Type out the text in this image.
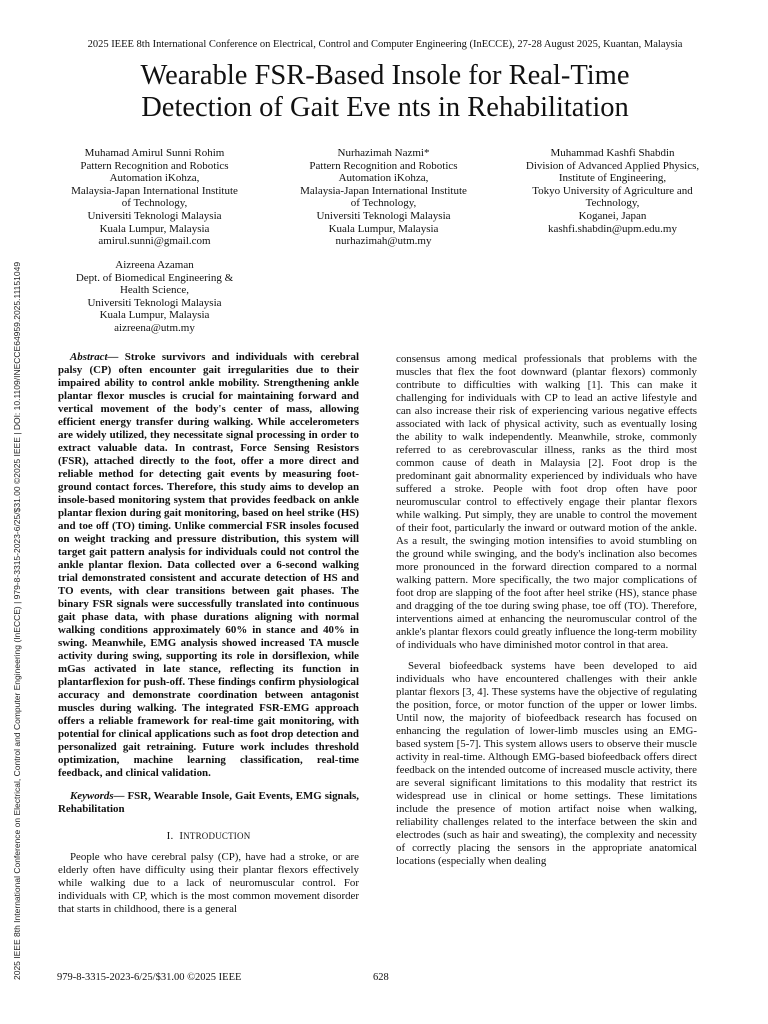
2025 IEEE 8th International Conference on Electrical, Control and Computer Engineering (InECCE), 27-28 August 2025, Kuantan, Malaysia
Wearable FSR-Based Insole for Real-Time
Detection of Gait Eve nts in Rehabilitation
Muhamad Amirul Sunni Rohim
Pattern Recognition and Robotics
Automation iKohza,
Malaysia-Japan International Institute
of Technology,
Universiti Teknologi Malaysia
Kuala Lumpur, Malaysia
amirul.sunni@gmail.com
Nurhazimah Nazmi*
Pattern Recognition and Robotics
Automation iKohza,
Malaysia-Japan International Institute
of Technology,
Universiti Teknologi Malaysia
Kuala Lumpur, Malaysia
nurhazimah@utm.my
Muhammad Kashfi Shabdin
Division of Advanced Applied Physics,
Institute of Engineering,
Tokyo University of Agriculture and
Technology,
Koganei, Japan
kashfi.shabdin@upm.edu.my
Aizreena Azaman
Dept. of Biomedical Engineering &
Health Science,
Universiti Teknologi Malaysia
Kuala Lumpur, Malaysia
aizreena@utm.my
2025 IEEE 8th International Conference on Electrical, Control and Computer Engineering (InECCE) | 979-8-3315-2023-6/25/$31.00 ©2025 IEEE | DOI: 10.1109/INECCE64959.2025.11151049	Abstract— Stroke survivors and individuals with cerebral palsy (CP) often encounter gait irregularities due to their impaired ability to control ankle mobility. Strengthening ankle plantar flexor muscles is crucial for maintaining forward and vertical movement of the body's center of mass, allowing efficient energy transfer during walking. While accelerometers are widely utilized, they necessitate signal processing in order to extract valuable data. In contrast, Force Sensing Resistors (FSR), attached directly to the foot, offer a more direct and reliable method for detecting gait events by measuring foot-ground contact forces. Therefore, this study aims to develop an insole-based monitoring system that provides feedback on ankle plantar flexion during gait monitoring, based on heel strike (HS) and toe off (TO) timing. Unlike commercial FSR insoles focused on weight tracking and pressure distribution, this system will target gait pattern analysis for individuals could not control the ankle plantar flexion. Data collected over a 6-second walking trial demonstrated consistent and accurate detection of HS and TO events, with clear transitions between gait phases. The binary FSR signals were successfully translated into continuous gait phase data, with phase durations aligning with normal walking conditions approximately 60% in stance and 40% in swing. Meanwhile, EMG analysis showed increased TA muscle activity during swing, supporting its role in dorsiflexion, while mGas activated in late stance, reflecting its function in plantarflexion for push-off. These findings confirm physiological accuracy and demonstrate coordination between antagonist muscles during walking. The integrated FSR-EMG approach offers a reliable framework for real-time gait monitoring, with potential for clinical applications such as foot drop detection and personalized gait retraining. Future work includes threshold optimization, machine learning classification, real-time feedback, and clinical validation.

Keywords— FSR, Wearable Insole, Gait Events, EMG signals, Rehabilitation

I. INTRODUCTION

People who have cerebral palsy (CP), have had a stroke, or are elderly often have difficulty using their plantar flexors effectively while walking due to a lack of neuromuscular control. For individuals with CP, which is the most common movement disorder that starts in childhood, there is a general

consensus among medical professionals that problems with the muscles that flex the foot downward (plantar flexors) commonly contribute to difficulties with walking [1]. This can make it challenging for individuals with CP to lead an active lifestyle and can also increase their risk of experiencing various negative effects associated with lack of physical activity, such as eventually losing the ability to walk independently. Meanwhile, stroke, commonly referred to as cerebrovascular illness, ranks as the third most common cause of death in Malaysia [2]. Foot drop is the predominant gait abnormality experienced by individuals who have suffered a stroke. People with foot drop often have poor neuromuscular control to effectively engage their plantar flexors while walking. Put simply, they are unable to control the movement of their foot, particularly the inward or outward motion of the ankle. As a result, the swinging motion intensifies to avoid stumbling on the ground while swinging, and the body's inclination also becomes more pronounced in the forward direction compared to a normal walking pattern. More specifically, the two major complications of foot drop are slapping of the foot after heel strike (HS), stance phase and dragging of the toe during swing phase, toe off (TO). Therefore, interventions aimed at enhancing the neuromuscular control of the ankle's plantar flexors could greatly influence the long-term mobility of individuals who have diminished motor control in that area.

Several biofeedback systems have been developed to aid individuals who have encountered challenges with their ankle plantar flexors [3, 4]. These systems have the objective of regulating the position, force, or motor function of the upper or lower limbs. Until now, the majority of biofeedback research has focused on enhancing the regulation of lower-limb muscles using an EMG-based system [5-7]. This system allows users to observe their muscle activity in real-time. Although EMG-based biofeedback offers direct feedback on the intended outcome of increased muscle activity, there are several significant limitations to this modality that restrict its widespread use in clinical or home settings. These limitations include the presence of motion artifact noise when walking, reliability challenges related to the interface between the skin and electrodes (such as hair and sweating), the complexity and necessity of correctly placing the sensors in the appropriate anatomical locations (especially when dealing

979-8-3315-2023-6/25/$31.00 ©2025 IEEE	628
